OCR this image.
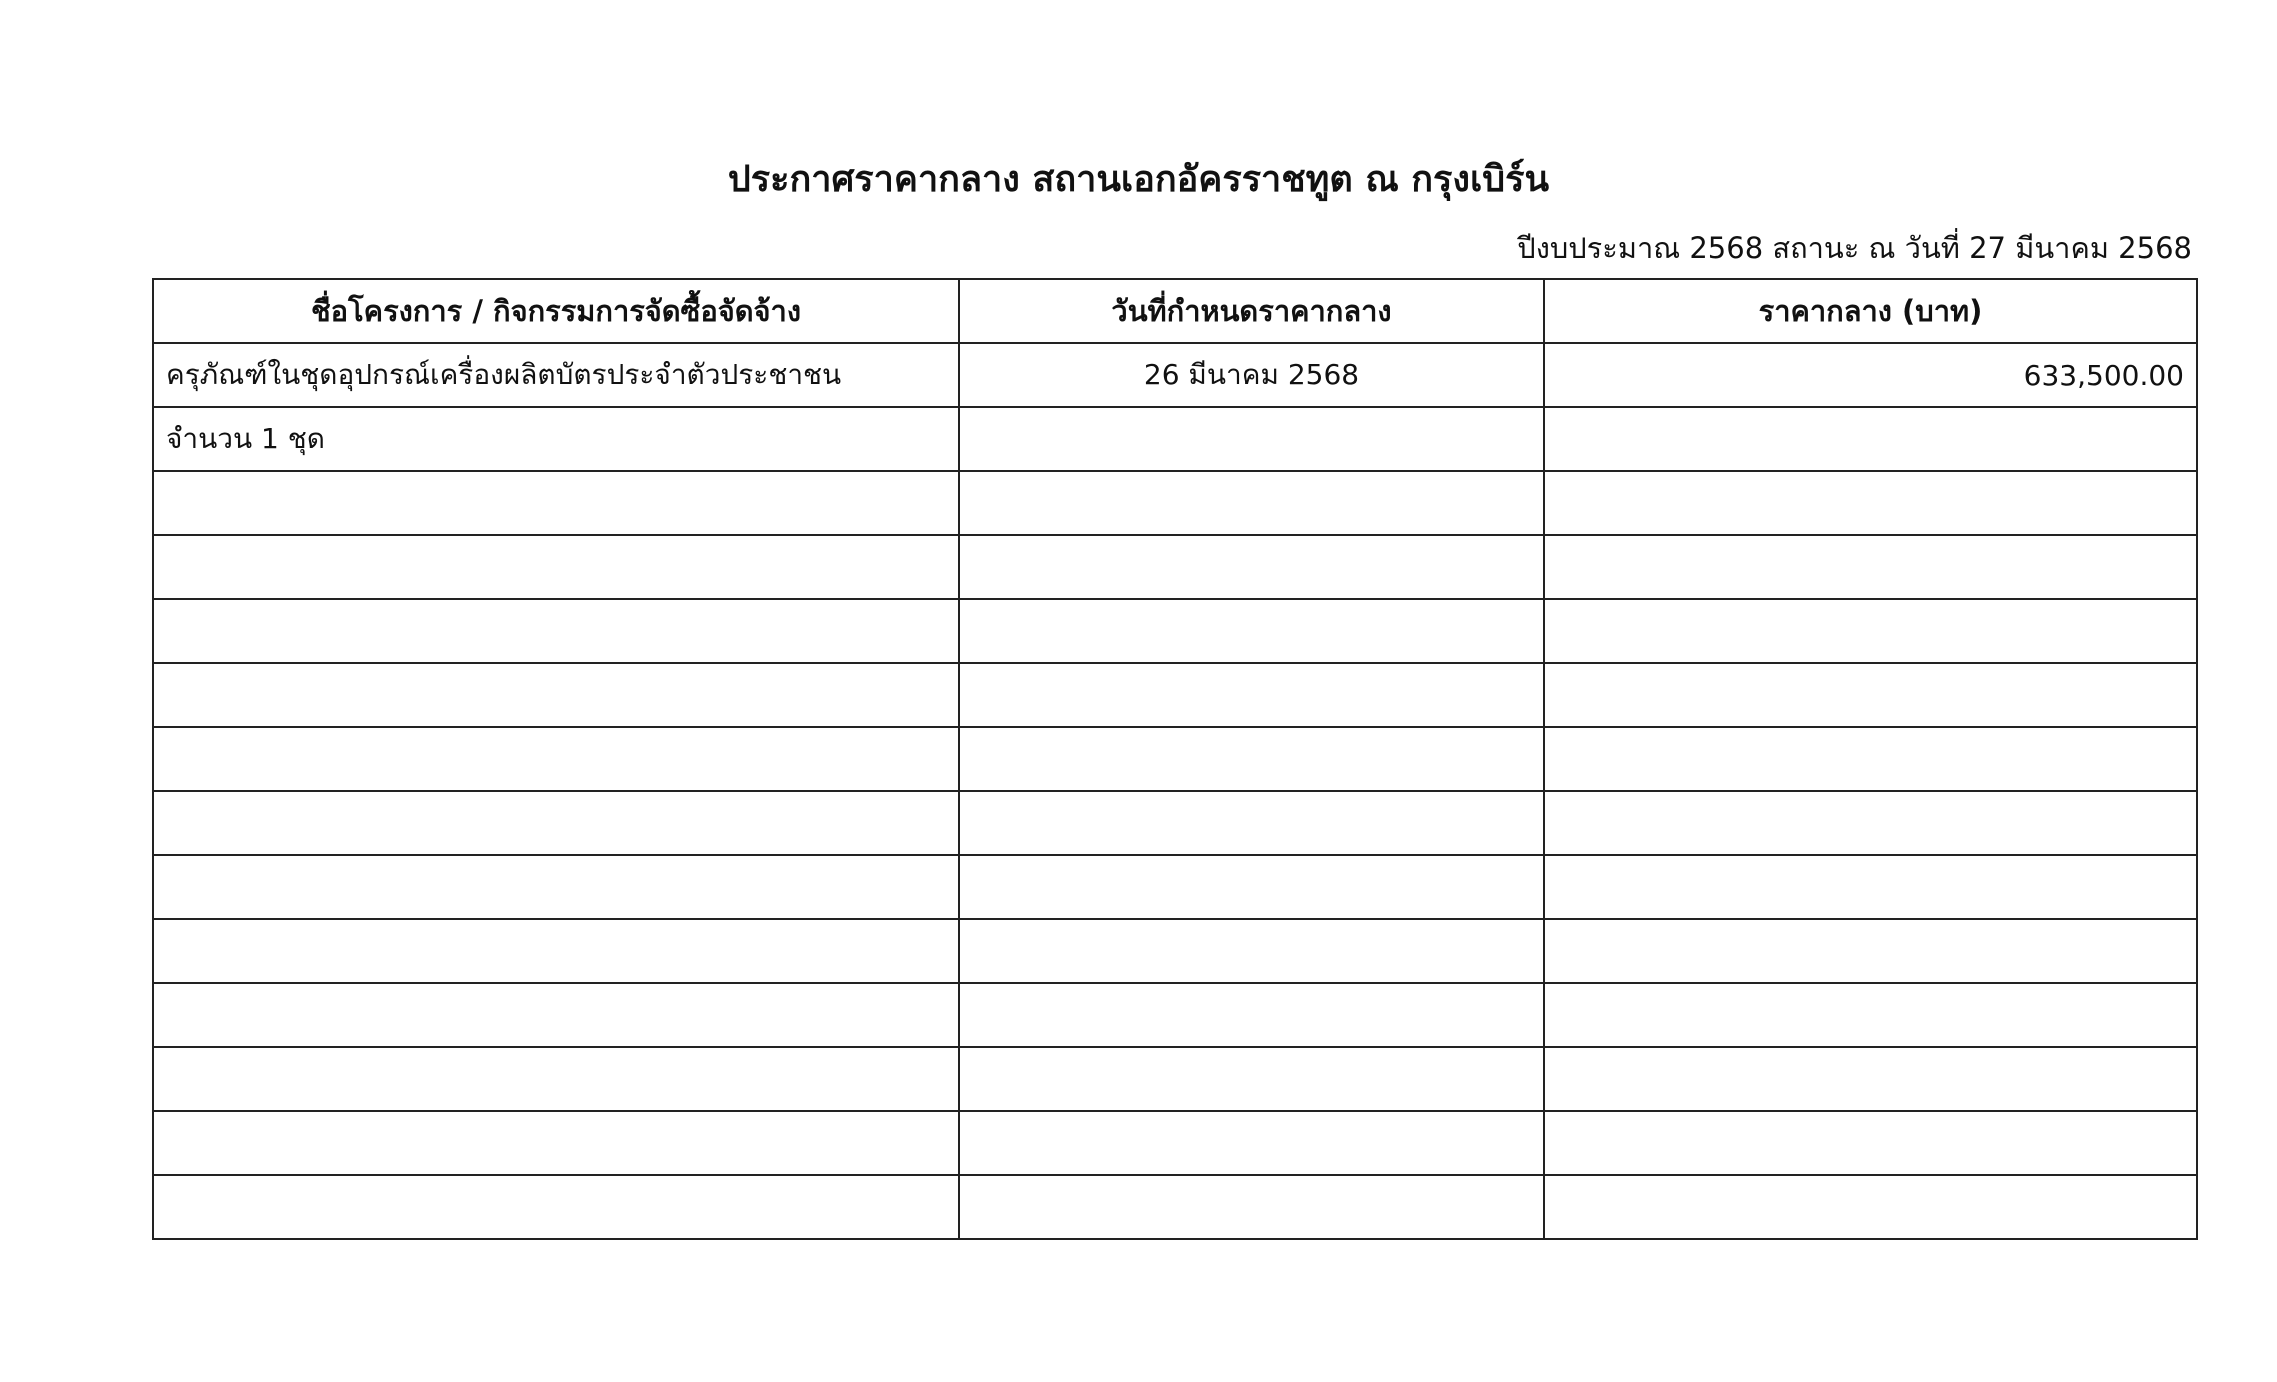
ประกาศราคากลาง สถานเอกอัครราชทูต ณ กรุงเบิร์น

ปีงบประมาณ 2568 สถานะ ณ วันที่ 27 มีนาคม 2568

ชื่อโครงการ / กิจกรรมการจัดซื้อจัดจ้าง	วันที่กำหนดราคากลาง	ราคากลาง (บาท)
ครุภัณฑ์ในชุดอุปกรณ์เครื่องผลิตบัตรประจำตัวประชาชน	26 มีนาคม 2568	633,500.00
จำนวน 1 ชุด		
